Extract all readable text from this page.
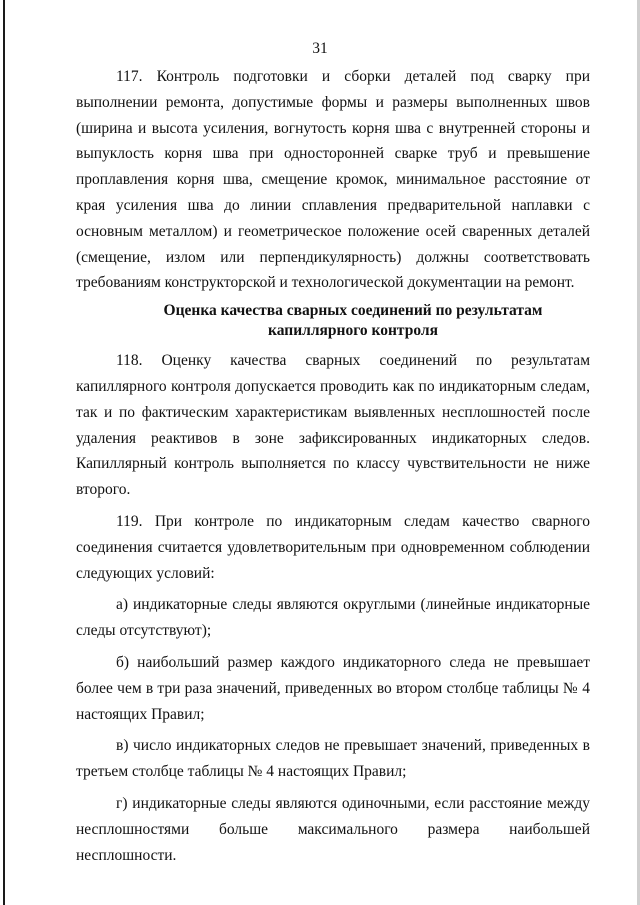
31

117. Контроль подготовки и сборки деталей под сварку при выполнении ремонта, допустимые формы и размеры выполненных швов (ширина и высота усиления, вогнутость корня шва с внутренней стороны и выпуклость корня шва при односторонней сварке труб и превышение проплавления корня шва, смещение кромок, минимальное расстояние от края усиления шва до линии сплавления предварительной наплавки с основным металлом) и геометрическое положение осей сваренных деталей (смещение, излом или перпендикулярность) должны соответствовать требованиям конструкторской и технологической документации на ремонт.

Оценка качества сварных соединений по результатам капиллярного контроля

118. Оценку качества сварных соединений по результатам капиллярного контроля допускается проводить как по индикаторным следам, так и по фактическим характеристикам выявленных несплошностей после удаления реактивов в зоне зафиксированных индикаторных следов. Капиллярный контроль выполняется по классу чувствительности не ниже второго.

119. При контроле по индикаторным следам качество сварного соединения считается удовлетворительным при одновременном соблюдении следующих условий:

а) индикаторные следы являются округлыми (линейные индикаторные следы отсутствуют);

б) наибольший размер каждого индикаторного следа не превышает более чем в три раза значений, приведенных во втором столбце таблицы № 4 настоящих Правил;

в) число индикаторных следов не превышает значений, приведенных в третьем столбце таблицы № 4 настоящих Правил;

г) индикаторные следы являются одиночными, если расстояние между несплошностями больше максимального размера наибольшей несплошности.
